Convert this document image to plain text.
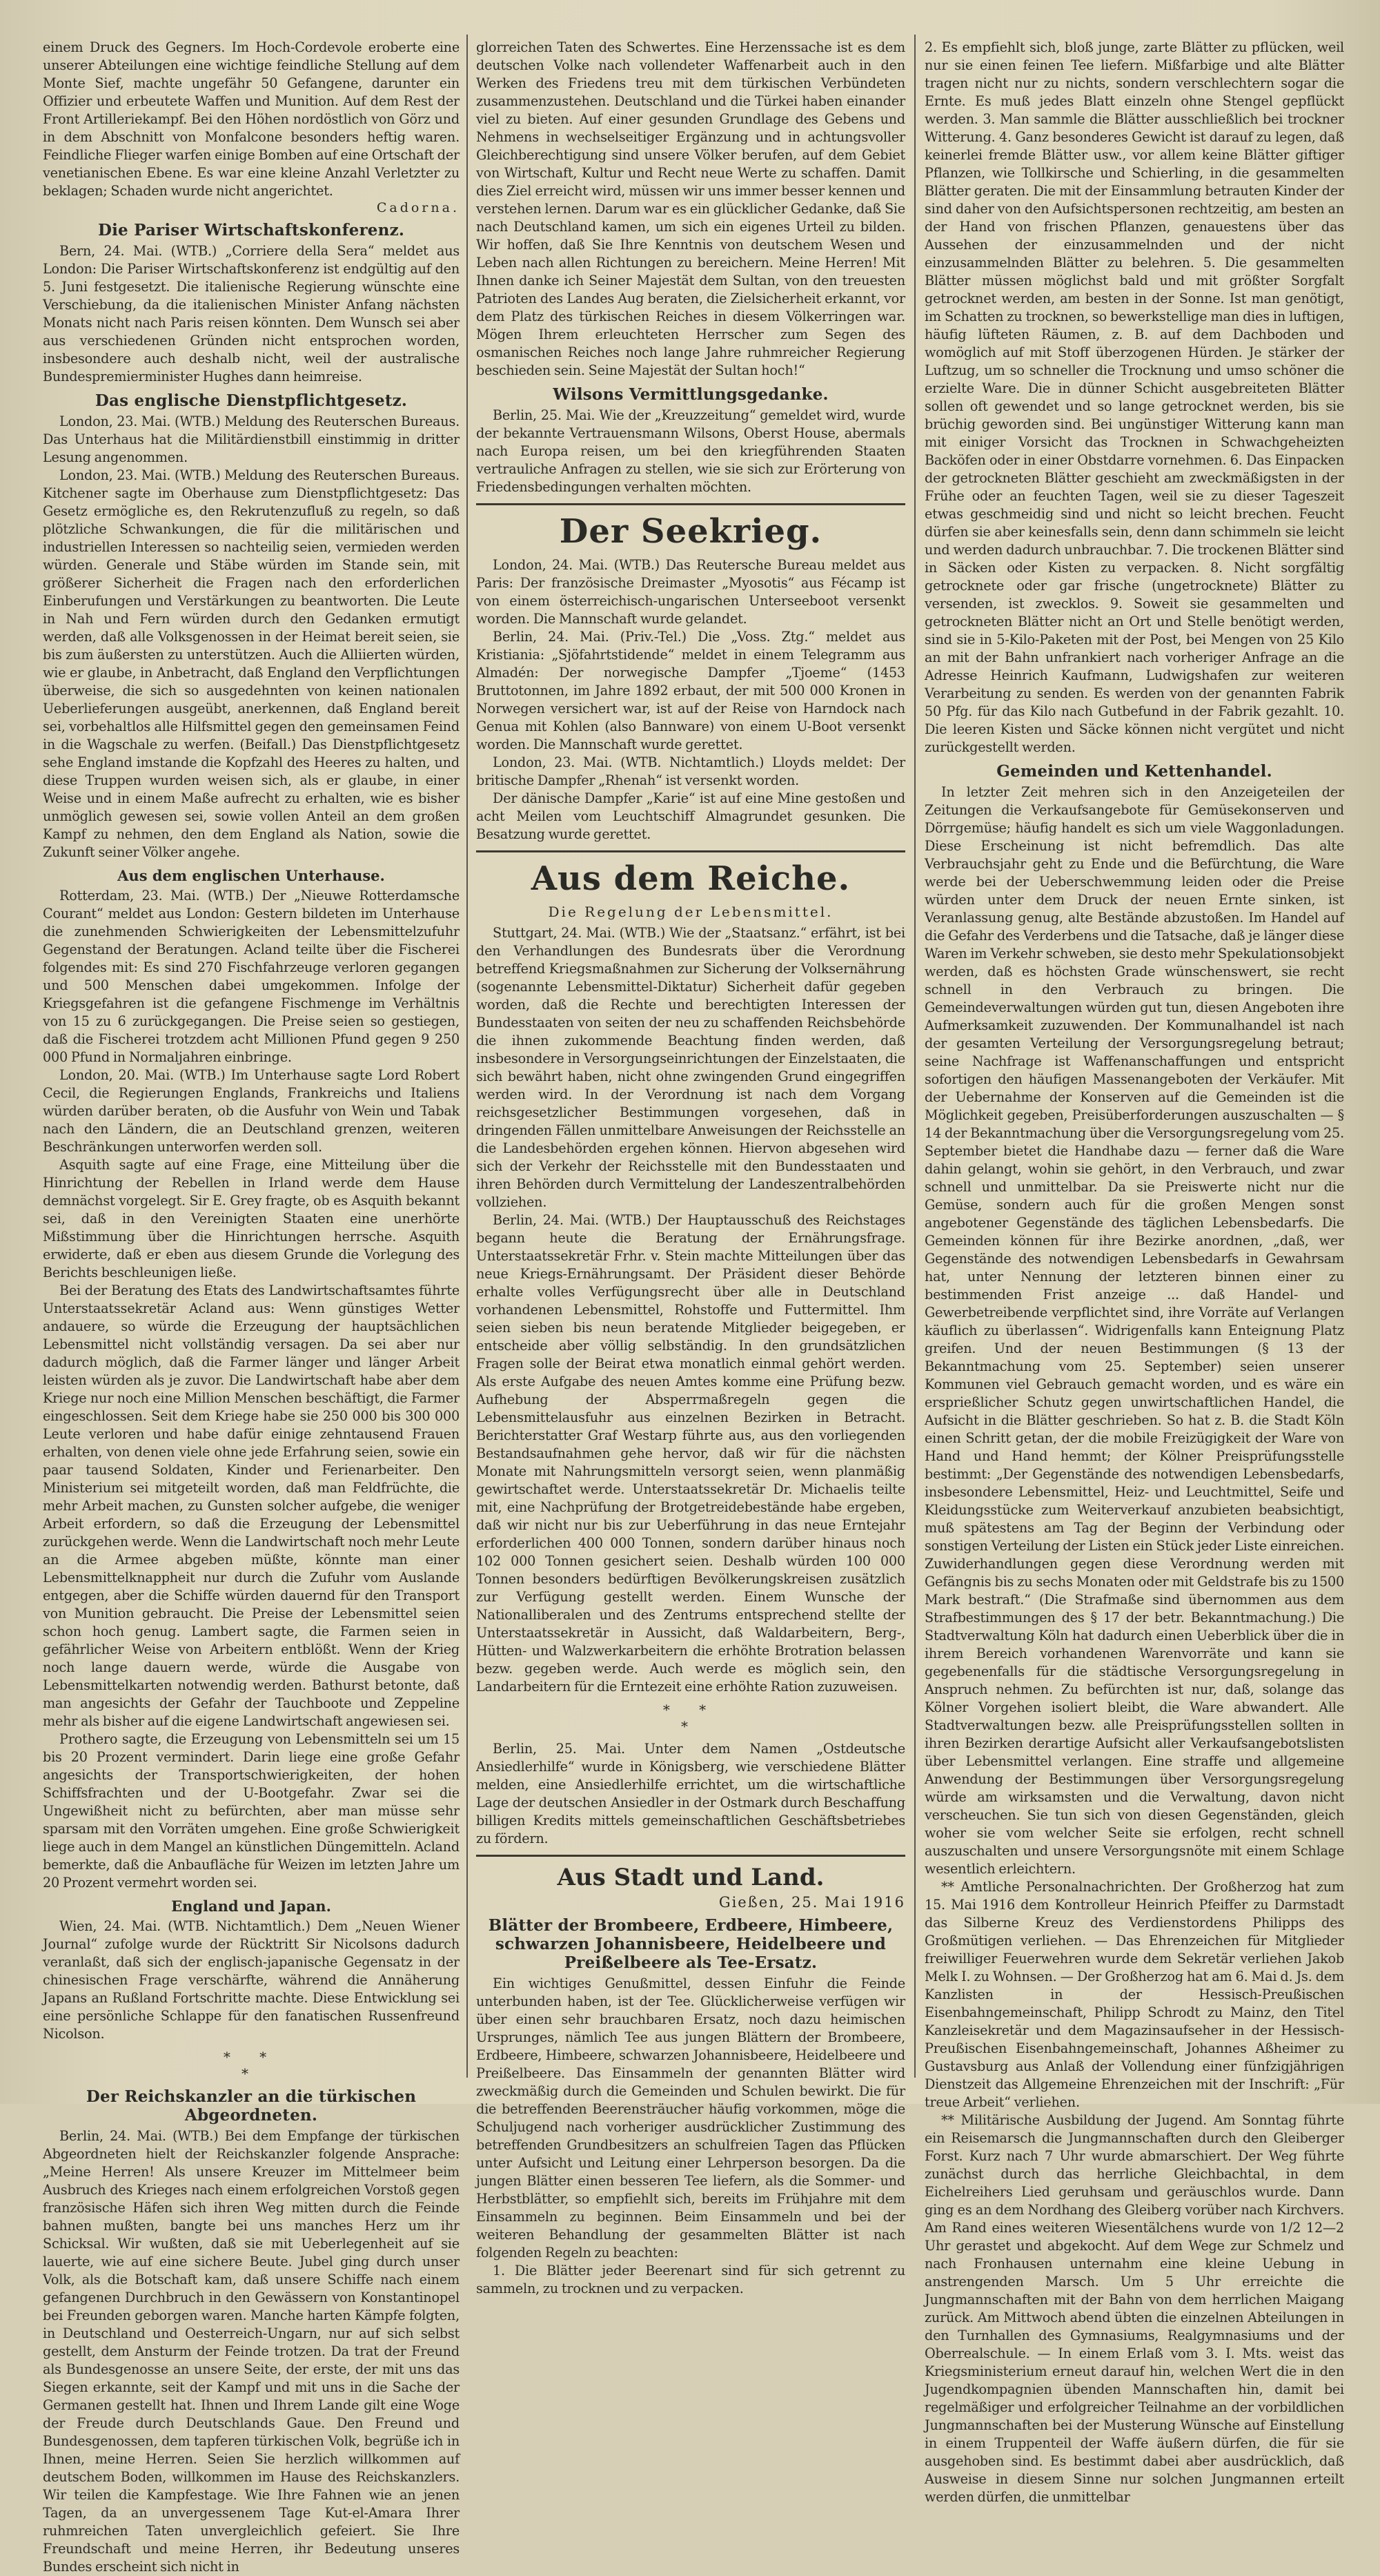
einem Druck des Gegners. Im Hoch-Cordevole eroberte eine unserer Abteilungen eine wichtige feindliche Stellung auf dem Monte Sief, machte ungefähr 50 Gefangene, darunter ein Offizier und erbeutete Waffen und Munition. Auf dem Rest der Front Artilleriekampf. Bei den Höhen nordöstlich von Görz und in dem Abschnitt von Monfalcone besonders heftig waren. Feindliche Flieger warfen einige Bomben auf eine Ortschaft der venetianischen Ebene. Es war eine kleine Anzahl Verletzter zu beklagen; Schaden wurde nicht angerichtet.

Cadorna.
Die Pariser Wirtschaftskonferenz.

Bern, 24. Mai. (WTB.) „Corriere della Sera“ meldet aus London: Die Pariser Wirtschaftskonferenz ist endgültig auf den 5. Juni festgesetzt. Die italienische Regierung wünschte eine Verschiebung, da die italienischen Minister Anfang nächsten Monats nicht nach Paris reisen könnten. Dem Wunsch sei aber aus verschiedenen Gründen nicht entsprochen worden, insbesondere auch deshalb nicht, weil der australische Bundespremierminister Hughes dann heimreise.

Das englische Dienstpflichtgesetz.

London, 23. Mai. (WTB.) Meldung des Reuterschen Bureaus. Das Unterhaus hat die Militärdienstbill einstimmig in dritter Lesung angenommen.

London, 23. Mai. (WTB.) Meldung des Reuterschen Bureaus. Kitchener sagte im Oberhause zum Dienstpflichtgesetz: Das Gesetz ermögliche es, den Rekrutenzufluß zu regeln, so daß plötzliche Schwankungen, die für die militärischen und industriellen Interessen so nachteilig seien, vermieden werden würden. Generale und Stäbe würden im Stande sein, mit größerer Sicherheit die Fragen nach den erforderlichen Einberufungen und Verstärkungen zu beantworten. Die Leute in Nah und Fern würden durch den Gedanken ermutigt werden, daß alle Volksgenossen in der Heimat bereit seien, sie bis zum äußersten zu unterstützen. Auch die Alliierten würden, wie er glaube, in Anbetracht, daß England den Verpflichtungen überweise, die sich so ausgedehnten von keinen nationalen Ueberlieferungen ausgeübt, anerkennen, daß England bereit sei, vorbehaltlos alle Hilfsmittel gegen den gemeinsamen Feind in die Wagschale zu werfen. (Beifall.) Das Dienstpflichtgesetz sehe England imstande die Kopfzahl des Heeres zu halten, und diese Truppen wurden weisen sich, als er glaube, in einer Weise und in einem Maße aufrecht zu erhalten, wie es bisher unmöglich gewesen sei, sowie vollen Anteil an dem großen Kampf zu nehmen, den dem England als Nation, sowie die Zukunft seiner Völker angehe.

Aus dem englischen Unterhause.

Rotterdam, 23. Mai. (WTB.) Der „Nieuwe Rotterdamsche Courant“ meldet aus London: Gestern bildeten im Unterhause die zunehmenden Schwierigkeiten der Lebensmittelzufuhr Gegenstand der Beratungen. Acland teilte über die Fischerei folgendes mit: Es sind 270 Fischfahrzeuge verloren gegangen und 500 Menschen dabei umgekommen. Infolge der Kriegsgefahren ist die gefangene Fischmenge im Verhältnis von 15 zu 6 zurückgegangen. Die Preise seien so gestiegen, daß die Fischerei trotzdem acht Millionen Pfund gegen 9 250 000 Pfund in Normaljahren einbringe.

London, 20. Mai. (WTB.) Im Unterhause sagte Lord Robert Cecil, die Regierungen Englands, Frankreichs und Italiens würden darüber beraten, ob die Ausfuhr von Wein und Tabak nach den Ländern, die an Deutschland grenzen, weiteren Beschränkungen unterworfen werden soll.

Asquith sagte auf eine Frage, eine Mitteilung über die Hinrichtung der Rebellen in Irland werde dem Hause demnächst vorgelegt. Sir E. Grey fragte, ob es Asquith bekannt sei, daß in den Vereinigten Staaten eine unerhörte Mißstimmung über die Hinrichtungen herrsche. Asquith erwiderte, daß er eben aus diesem Grunde die Vorlegung des Berichts beschleunigen ließe.

Bei der Beratung des Etats des Landwirtschaftsamtes führte Unterstaatssekretär Acland aus: Wenn günstiges Wetter andauere, so würde die Erzeugung der hauptsächlichen Lebensmittel nicht vollständig versagen. Da sei aber nur dadurch möglich, daß die Farmer länger und länger Arbeit leisten würden als je zuvor. Die Landwirtschaft habe aber dem Kriege nur noch eine Million Menschen beschäftigt, die Farmer eingeschlossen. Seit dem Kriege habe sie 250 000 bis 300 000 Leute verloren und habe dafür einige zehntausend Frauen erhalten, von denen viele ohne jede Erfahrung seien, sowie ein paar tausend Soldaten, Kinder und Ferienarbeiter. Den Ministerium sei mitgeteilt worden, daß man Feldfrüchte, die mehr Arbeit machen, zu Gunsten solcher aufgebe, die weniger Arbeit erfordern, so daß die Erzeugung der Lebensmittel zurückgehen werde. Wenn die Landwirtschaft noch mehr Leute an die Armee abgeben müßte, könnte man einer Lebensmittelknappheit nur durch die Zufuhr vom Auslande entgegen, aber die Schiffe würden dauernd für den Transport von Munition gebraucht. Die Preise der Lebensmittel seien schon hoch genug. Lambert sagte, die Farmen seien in gefährlicher Weise von Arbeitern entblößt. Wenn der Krieg noch lange dauern werde, würde die Ausgabe von Lebensmittelkarten notwendig werden. Bathurst betonte, daß man angesichts der Gefahr der Tauchboote und Zeppeline mehr als bisher auf die eigene Landwirtschaft angewiesen sei.

Prothero sagte, die Erzeugung von Lebensmitteln sei um 15 bis 20 Prozent vermindert. Darin liege eine große Gefahr angesichts der Transportschwierigkeiten, der hohen Schiffsfrachten und der U-Bootgefahr. Zwar sei die Ungewißheit nicht zu befürchten, aber man müsse sehr sparsam mit den Vorräten umgehen. Eine große Schwierigkeit liege auch in dem Mangel an künstlichen Düngemitteln. Acland bemerkte, daß die Anbaufläche für Weizen im letzten Jahre um 20 Prozent vermehrt worden sei.

England und Japan.

Wien, 24. Mai. (WTB. Nichtamtlich.) Dem „Neuen Wiener Journal“ zufolge wurde der Rücktritt Sir Nicolsons dadurch veranlaßt, daß sich der englisch-japanische Gegensatz in der chinesischen Frage verschärfte, während die Annäherung Japans an Rußland Fortschritte machte. Diese Entwicklung sei eine persönliche Schlappe für den fanatischen Russenfreund Nicolson.

* *
*
Der Reichskanzler an die türkischen Abgeordneten.

Berlin, 24. Mai. (WTB.) Bei dem Empfange der türkischen Abgeordneten hielt der Reichskanzler folgende Ansprache: „Meine Herren! Als unsere Kreuzer im Mittelmeer beim Ausbruch des Krieges nach einem erfolgreichen Vorstoß gegen französische Häfen sich ihren Weg mitten durch die Feinde bahnen mußten, bangte bei uns manches Herz um ihr Schicksal. Wir wußten, daß sie mit Ueberlegenheit auf sie lauerte, wie auf eine sichere Beute. Jubel ging durch unser Volk, als die Botschaft kam, daß unsere Schiffe nach einem gefangenen Durchbruch in den Gewässern von Konstantinopel bei Freunden geborgen waren. Manche harten Kämpfe folgten, in Deutschland und Oesterreich-Ungarn, nur auf sich selbst gestellt, dem Ansturm der Feinde trotzen. Da trat der Freund als Bundesgenosse an unsere Seite, der erste, der mit uns das Siegen erkannte, seit der Kampf und mit uns in die Sache der Germanen gestellt hat. Ihnen und Ihrem Lande gilt eine Woge der Freude durch Deutschlands Gaue. Den Freund und Bundesgenossen, dem tapferen türkischen Volk, begrüße ich in Ihnen, meine Herren. Seien Sie herzlich willkommen auf deutschem Boden, willkommen im Hause des Reichskanzlers. Wir teilen die Kampfestage. Wie Ihre Fahnen wie an jenen Tagen, da an unvergessenem Tage Kut-el-Amara Ihrer ruhmreichen Taten unvergleichlich gefeiert. Sie Ihre Freundschaft und meine Herren, ihr Bedeutung unseres Bundes erscheint sich nicht in

glorreichen Taten des Schwertes. Eine Herzenssache ist es dem deutschen Volke nach vollendeter Waffenarbeit auch in den Werken des Friedens treu mit dem türkischen Verbündeten zusammenzustehen. Deutschland und die Türkei haben einander viel zu bieten. Auf einer gesunden Grundlage des Gebens und Nehmens in wechselseitiger Ergänzung und in achtungsvoller Gleichberechtigung sind unsere Völker berufen, auf dem Gebiet von Wirtschaft, Kultur und Recht neue Werte zu schaffen. Damit dies Ziel erreicht wird, müssen wir uns immer besser kennen und verstehen lernen. Darum war es ein glücklicher Gedanke, daß Sie nach Deutschland kamen, um sich ein eigenes Urteil zu bilden. Wir hoffen, daß Sie Ihre Kenntnis von deutschem Wesen und Leben nach allen Richtungen zu bereichern. Meine Herren! Mit Ihnen danke ich Seiner Majestät dem Sultan, von den treuesten Patrioten des Landes Aug beraten, die Zielsicherheit erkannt, vor dem Platz des türkischen Reiches in diesem Völkerringen war. Mögen Ihrem erleuchteten Herrscher zum Segen des osmanischen Reiches noch lange Jahre ruhmreicher Regierung beschieden sein. Seine Majestät der Sultan hoch!“

Wilsons Vermittlungsgedanke.

Berlin, 25. Mai. Wie der „Kreuzzeitung“ gemeldet wird, wurde der bekannte Vertrauensmann Wilsons, Oberst House, abermals nach Europa reisen, um bei den kriegführenden Staaten vertrauliche Anfragen zu stellen, wie sie sich zur Erörterung von Friedensbedingungen verhalten möchten.

Der Seekrieg.

London, 24. Mai. (WTB.) Das Reutersche Bureau meldet aus Paris: Der französische Dreimaster „Myosotis“ aus Fécamp ist von einem österreichisch-ungarischen Unterseeboot versenkt worden. Die Mannschaft wurde gelandet.

Berlin, 24. Mai. (Priv.-Tel.) Die „Voss. Ztg.“ meldet aus Kristiania: „Sjöfahrtstidende“ meldet in einem Telegramm aus Almadén: Der norwegische Dampfer „Tjoeme“ (1453 Bruttotonnen, im Jahre 1892 erbaut, der mit 500 000 Kronen in Norwegen versichert war, ist auf der Reise von Harndock nach Genua mit Kohlen (also Bannware) von einem U-Boot versenkt worden. Die Mannschaft wurde gerettet.

London, 23. Mai. (WTB. Nichtamtlich.) Lloyds meldet: Der britische Dampfer „Rhenah“ ist versenkt worden.

Der dänische Dampfer „Karie“ ist auf eine Mine gestoßen und acht Meilen vom Leuchtschiff Almagrundet gesunken. Die Besatzung wurde gerettet.

Aus dem Reiche.
Die Regelung der Lebensmittel.

Stuttgart, 24. Mai. (WTB.) Wie der „Staatsanz.“ erfährt, ist bei den Verhandlungen des Bundesrats über die Verordnung betreffend Kriegsmaßnahmen zur Sicherung der Volksernährung (sogenannte Lebensmittel-Diktatur) Sicherheit dafür gegeben worden, daß die Rechte und berechtigten Interessen der Bundesstaaten von seiten der neu zu schaffenden Reichsbehörde die ihnen zukommende Beachtung finden werden, daß insbesondere in Versorgungseinrichtungen der Einzelstaaten, die sich bewährt haben, nicht ohne zwingenden Grund eingegriffen werden wird. In der Verordnung ist nach dem Vorgang reichsgesetzlicher Bestimmungen vorgesehen, daß in dringenden Fällen unmittelbare Anweisungen der Reichsstelle an die Landesbehörden ergehen können. Hiervon abgesehen wird sich der Verkehr der Reichsstelle mit den Bundesstaaten und ihren Behörden durch Vermittelung der Landeszentralbehörden vollziehen.

Berlin, 24. Mai. (WTB.) Der Hauptausschuß des Reichstages begann heute die Beratung der Ernährungsfrage. Unterstaatssekretär Frhr. v. Stein machte Mitteilungen über das neue Kriegs-Ernährungsamt. Der Präsident dieser Behörde erhalte volles Verfügungsrecht über alle in Deutschland vorhandenen Lebensmittel, Rohstoffe und Futtermittel. Ihm seien sieben bis neun beratende Mitglieder beigegeben, er entscheide aber völlig selbständig. In den grundsätzlichen Fragen solle der Beirat etwa monatlich einmal gehört werden. Als erste Aufgabe des neuen Amtes komme eine Prüfung bezw. Aufhebung der Absperrmaßregeln gegen die Lebensmittelausfuhr aus einzelnen Bezirken in Betracht. Berichterstatter Graf Westarp führte aus, aus den vorliegenden Bestandsaufnahmen gehe hervor, daß wir für die nächsten Monate mit Nahrungsmitteln versorgt seien, wenn planmäßig gewirtschaftet werde. Unterstaatssekretär Dr. Michaelis teilte mit, eine Nachprüfung der Brotgetreidebestände habe ergeben, daß wir nicht nur bis zur Ueberführung in das neue Erntejahr erforderlichen 400 000 Tonnen, sondern darüber hinaus noch 102 000 Tonnen gesichert seien. Deshalb würden 100 000 Tonnen besonders bedürftigen Bevölkerungskreisen zusätzlich zur Verfügung gestellt werden. Einem Wunsche der Nationalliberalen und des Zentrums entsprechend stellte der Unterstaatssekretär in Aussicht, daß Waldarbeitern, Berg-, Hütten- und Walzwerkarbeitern die erhöhte Brotration belassen bezw. gegeben werde. Auch werde es möglich sein, den Landarbeitern für die Erntezeit eine erhöhte Ration zuzuweisen.

* *
*

Berlin, 25. Mai. Unter dem Namen „Ostdeutsche Ansiedlerhilfe“ wurde in Königsberg, wie verschiedene Blätter melden, eine Ansiedlerhilfe errichtet, um die wirtschaftliche Lage der deutschen Ansiedler in der Ostmark durch Beschaffung billigen Kredits mittels gemeinschaftlichen Geschäftsbetriebes zu fördern.

Aus Stadt und Land.
Gießen, 25. Mai 1916
Blätter der Brombeere, Erdbeere, Himbeere, schwarzen Johannisbeere, Heidelbeere und Preißelbeere als Tee-Ersatz.

Ein wichtiges Genußmittel, dessen Einfuhr die Feinde unterbunden haben, ist der Tee. Glücklicherweise verfügen wir über einen sehr brauchbaren Ersatz, noch dazu heimischen Ursprunges, nämlich Tee aus jungen Blättern der Brombeere, Erdbeere, Himbeere, schwarzen Johannisbeere, Heidelbeere und Preißelbeere. Das Einsammeln der genannten Blätter wird zweckmäßig durch die Gemeinden und Schulen bewirkt. Die für die betreffenden Beerensträucher häufig vorkommen, möge die Schuljugend nach vorheriger ausdrücklicher Zustimmung des betreffenden Grundbesitzers an schulfreien Tagen das Pflücken unter Aufsicht und Leitung einer Lehrperson besorgen. Da die jungen Blätter einen besseren Tee liefern, als die Sommer- und Herbstblätter, so empfiehlt sich, bereits im Frühjahre mit dem Einsammeln zu beginnen. Beim Einsammeln und bei der weiteren Behandlung der gesammelten Blätter ist nach folgenden Regeln zu beachten:

1. Die Blätter jeder Beerenart sind für sich getrennt zu sammeln, zu trocknen und zu verpacken.

2. Es empfiehlt sich, bloß junge, zarte Blätter zu pflücken, weil nur sie einen feinen Tee liefern. Mißfarbige und alte Blätter tragen nicht nur zu nichts, sondern verschlechtern sogar die Ernte. Es muß jedes Blatt einzeln ohne Stengel gepflückt werden. 3. Man sammle die Blätter ausschließlich bei trockner Witterung. 4. Ganz besonderes Gewicht ist darauf zu legen, daß keinerlei fremde Blätter usw., vor allem keine Blätter giftiger Pflanzen, wie Tollkirsche und Schierling, in die gesammelten Blätter geraten. Die mit der Einsammlung betrauten Kinder der sind daher von den Aufsichtspersonen rechtzeitig, am besten an der Hand von frischen Pflanzen, genauestens über das Aussehen der einzusammelnden und der nicht einzusammelnden Blätter zu belehren. 5. Die gesammelten Blätter müssen möglichst bald und mit größter Sorgfalt getrocknet werden, am besten in der Sonne. Ist man genötigt, im Schatten zu trocknen, so bewerkstellige man dies in luftigen, häufig lüfteten Räumen, z. B. auf dem Dachboden und womöglich auf mit Stoff überzogenen Hürden. Je stärker der Luftzug, um so schneller die Trocknung und umso schöner die erzielte Ware. Die in dünner Schicht ausgebreiteten Blätter sollen oft gewendet und so lange getrocknet werden, bis sie brüchig geworden sind. Bei ungünstiger Witterung kann man mit einiger Vorsicht das Trocknen in Schwachgeheizten Backöfen oder in einer Obstdarre vornehmen. 6. Das Einpacken der getrockneten Blätter geschieht am zweckmäßigsten in der Frühe oder an feuchten Tagen, weil sie zu dieser Tageszeit etwas geschmeidig sind und nicht so leicht brechen. Feucht dürfen sie aber keinesfalls sein, denn dann schimmeln sie leicht und werden dadurch unbrauchbar. 7. Die trockenen Blätter sind in Säcken oder Kisten zu verpacken. 8. Nicht sorgfältig getrocknete oder gar frische (ungetrocknete) Blätter zu versenden, ist zwecklos. 9. Soweit sie gesammelten und getrockneten Blätter nicht an Ort und Stelle benötigt werden, sind sie in 5-Kilo-Paketen mit der Post, bei Mengen von 25 Kilo an mit der Bahn unfrankiert nach vorheriger Anfrage an die Adresse Heinrich Kaufmann, Ludwigshafen zur weiteren Verarbeitung zu senden. Es werden von der genannten Fabrik 50 Pfg. für das Kilo nach Gutbefund in der Fabrik gezahlt. 10. Die leeren Kisten und Säcke können nicht vergütet und nicht zurückgestellt werden.

Gemeinden und Kettenhandel.

In letzter Zeit mehren sich in den Anzeigeteilen der Zeitungen die Verkaufsangebote für Gemüsekonserven und Dörrgemüse; häufig handelt es sich um viele Waggonladungen. Diese Erscheinung ist nicht befremdlich. Das alte Verbrauchsjahr geht zu Ende und die Befürchtung, die Ware werde bei der Ueberschwemmung leiden oder die Preise würden unter dem Druck der neuen Ernte sinken, ist Veranlassung genug, alte Bestände abzustoßen. Im Handel auf die Gefahr des Verderbens und die Tatsache, daß je länger diese Waren im Verkehr schweben, sie desto mehr Spekulationsobjekt werden, daß es höchsten Grade wünschenswert, sie recht schnell in den Verbrauch zu bringen. Die Gemeindeverwaltungen würden gut tun, diesen Angeboten ihre Aufmerksamkeit zuzuwenden. Der Kommunalhandel ist nach der gesamten Verteilung der Versorgungsregelung betraut; seine Nachfrage ist Waffenanschaffungen und entspricht sofortigen den häufigen Massenangeboten der Verkäufer. Mit der Uebernahme der Konserven auf die Gemeinden ist die Möglichkeit gegeben, Preisüberforderungen auszuschalten — § 14 der Bekanntmachung über die Versorgungsregelung vom 25. September bietet die Handhabe dazu — ferner daß die Ware dahin gelangt, wohin sie gehört, in den Verbrauch, und zwar schnell und unmittelbar. Da sie Preiswerte nicht nur die Gemüse, sondern auch für die großen Mengen sonst angebotener Gegenstände des täglichen Lebensbedarfs. Die Gemeinden können für ihre Bezirke anordnen, „daß, wer Gegenstände des notwendigen Lebensbedarfs in Gewahrsam hat, unter Nennung der letzteren binnen einer zu bestimmenden Frist anzeige ... daß Handel- und Gewerbetreibende verpflichtet sind, ihre Vorräte auf Verlangen käuflich zu überlassen“. Widrigenfalls kann Enteignung Platz greifen. Und der neuen Bestimmungen (§ 13 der Bekanntmachung vom 25. September) seien unserer Kommunen viel Gebrauch gemacht worden, und es wäre ein ersprießlicher Schutz gegen unwirtschaftlichen Handel, die Aufsicht in die Blätter geschrieben. So hat z. B. die Stadt Köln einen Schritt getan, der die mobile Freizügigkeit der Ware von Hand und Hand hemmt; der Kölner Preisprüfungsstelle bestimmt: „Der Gegenstände des notwendigen Lebensbedarfs, insbesondere Lebensmittel, Heiz- und Leuchtmittel, Seife und Kleidungsstücke zum Weiterverkauf anzubieten beabsichtigt, muß spätestens am Tag der Beginn der Verbindung oder sonstigen Verteilung der Listen ein Stück jeder Liste einreichen. Zuwiderhandlungen gegen diese Verordnung werden mit Gefängnis bis zu sechs Monaten oder mit Geldstrafe bis zu 1500 Mark bestraft.“ (Die Strafmaße sind übernommen aus dem Strafbestimmungen des § 17 der betr. Bekanntmachung.) Die Stadtverwaltung Köln hat dadurch einen Ueberblick über die in ihrem Bereich vorhandenen Warenvorräte und kann sie gegebenenfalls für die städtische Versorgungsregelung in Anspruch nehmen. Zu befürchten ist nur, daß, solange das Kölner Vorgehen isoliert bleibt, die Ware abwandert. Alle Stadtverwaltungen bezw. alle Preisprüfungsstellen sollten in ihren Bezirken derartige Aufsicht aller Verkaufsangebotslisten über Lebensmittel verlangen. Eine straffe und allgemeine Anwendung der Bestimmungen über Versorgungsregelung würde am wirksamsten und die Verwaltung, davon nicht verscheuchen. Sie tun sich von diesen Gegenständen, gleich woher sie vom welcher Seite sie erfolgen, recht schnell auszuschalten und unsere Versorgungsnöte mit einem Schlage wesentlich erleichtern.

** Amtliche Personalnachrichten. Der Großherzog hat zum 15. Mai 1916 dem Kontrolleur Heinrich Pfeiffer zu Darmstadt das Silberne Kreuz des Verdienstordens Philipps des Großmütigen verliehen. — Das Ehrenzeichen für Mitglieder freiwilliger Feuerwehren wurde dem Sekretär verliehen Jakob Melk I. zu Wohnsen. — Der Großherzog hat am 6. Mai d. Js. dem Kanzlisten in der Hessisch-Preußischen Eisenbahngemeinschaft, Philipp Schrodt zu Mainz, den Titel Kanzleisekretär und dem Magazinsaufseher in der Hessisch-Preußischen Eisenbahngemeinschaft, Johannes Aßheimer zu Gustavsburg aus Anlaß der Vollendung einer fünfzigjährigen Dienstzeit das Allgemeine Ehrenzeichen mit der Inschrift: „Für treue Arbeit“ verliehen.

** Militärische Ausbildung der Jugend. Am Sonntag führte ein Reisemarsch die Jungmannschaften durch den Gleiberger Forst. Kurz nach 7 Uhr wurde abmarschiert. Der Weg führte zunächst durch das herrliche Gleichbachtal, in dem Eichelreihers Lied geruhsam und geräuschlos wurde. Dann ging es an dem Nordhang des Gleiberg vorüber nach Kirchvers. Am Rand eines weiteren Wiesentälchens wurde von 1/2 12—2 Uhr gerastet und abgekocht. Auf dem Wege zur Schmelz und nach Fronhausen unternahm eine kleine Uebung in anstrengenden Marsch. Um 5 Uhr erreichte die Jungmannschaften mit der Bahn von dem herrlichen Maigang zurück. Am Mittwoch abend übten die einzelnen Abteilungen in den Turnhallen des Gymnasiums, Realgymnasiums und der Oberrealschule. — In einem Erlaß vom 3. I. Mts. weist das Kriegsministerium erneut darauf hin, welchen Wert die in den Jugendkompagnien übenden Mannschaften hin, damit bei regelmäßiger und erfolgreicher Teilnahme an der vorbildlichen Jungmannschaften bei der Musterung Wünsche auf Einstellung in einem Truppenteil der Waffe äußern dürfen, die für sie ausgehoben sind. Es bestimmt dabei aber ausdrücklich, daß Ausweise in diesem Sinne nur solchen Jungmannen erteilt werden dürfen, die unmittelbar
